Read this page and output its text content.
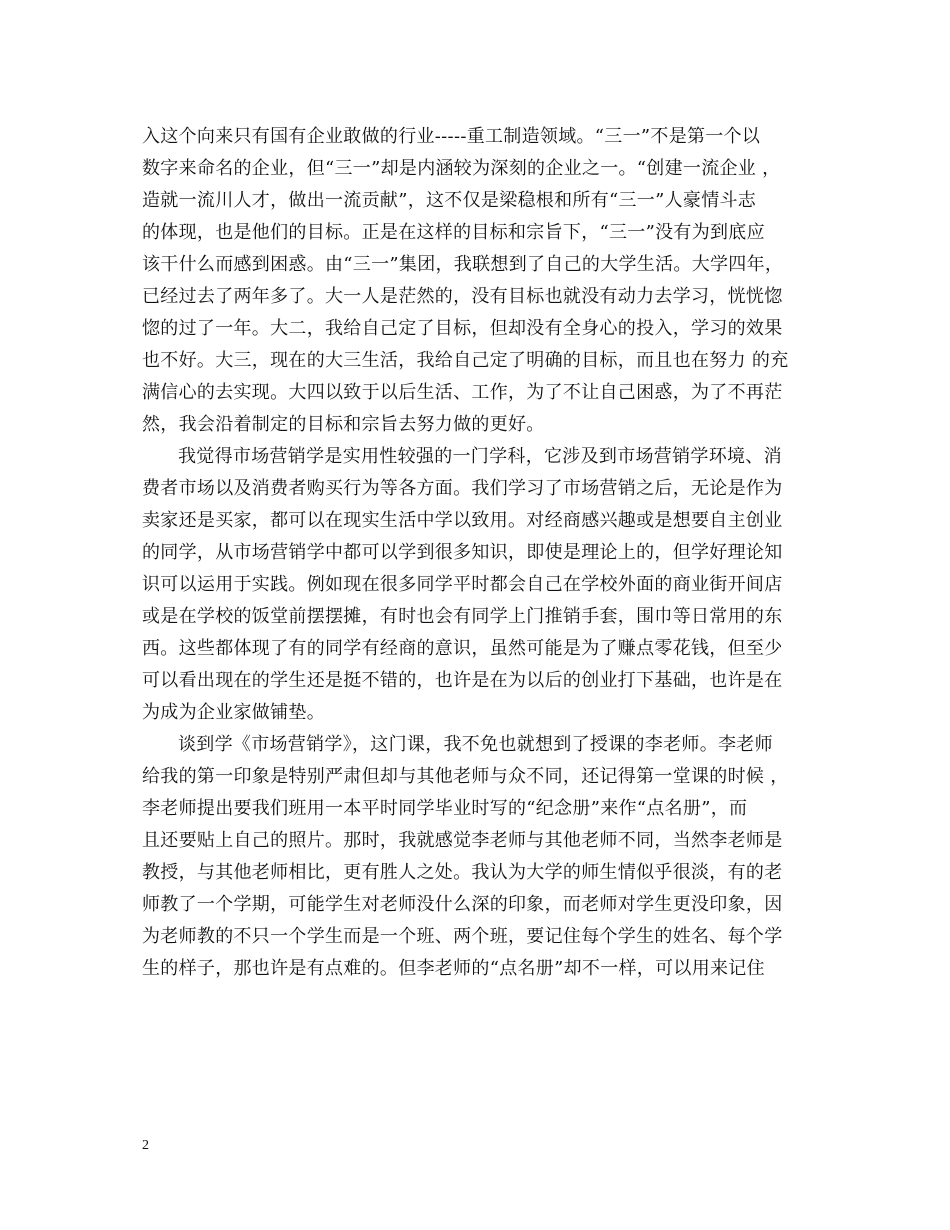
入这个向来只有国有企业敢做的行业-----重工制造领域。“三一”不是第一个以
数字来命名的企业，但“三一”却是内涵较为深刻的企业之一。“创建一流企业 ，
造就一流川人才，做出一流贡献”，这不仅是梁稳根和所有“三一”人豪情斗志
的体现，也是他们的目标。正是在这样的目标和宗旨下，“三一”没有为到底应
该干什么而感到困惑。由“三一”集团，我联想到了自己的大学生活。大学四年，
已经过去了两年多了。大一人是茫然的，没有目标也就没有动力去学习，恍恍惚
惚的过了一年。大二，我给自己定了目标，但却没有全身心的投入，学习的效果
也不好。大三，现在的大三生活，我给自己定了明确的目标，而且也在努力 的充
满信心的去实现。大四以致于以后生活、工作，为了不让自己困惑，为了不再茫
然，我会沿着制定的目标和宗旨去努力做的更好。
我觉得市场营销学是实用性较强的一门学科，它涉及到市场营销学环境、消
费者市场以及消费者购买行为等各方面。我们学习了市场营销之后，无论是作为
卖家还是买家，都可以在现实生活中学以致用。对经商感兴趣或是想要自主创业
的同学，从市场营销学中都可以学到很多知识，即使是理论上的，但学好理论知
识可以运用于实践。例如现在很多同学平时都会自己在学校外面的商业街开间店
或是在学校的饭堂前摆摆摊，有时也会有同学上门推销手套，围巾等日常用的东
西。这些都体现了有的同学有经商的意识，虽然可能是为了赚点零花钱，但至少
可以看出现在的学生还是挺不错的，也许是在为以后的创业打下基础，也许是在
为成为企业家做铺垫。
谈到学《市场营销学》，这门课，我不免也就想到了授课的李老师。李老师
给我的第一印象是特别严肃但却与其他老师与众不同，还记得第一堂课的时候 ，
李老师提出要我们班用一本平时同学毕业时写的“纪念册”来作“点名册”，而
且还要贴上自己的照片。那时，我就感觉李老师与其他老师不同，当然李老师是
教授，与其他老师相比，更有胜人之处。我认为大学的师生情似乎很淡，有的老
师教了一个学期，可能学生对老师没什么深的印象，而老师对学生更没印象，因
为老师教的不只一个学生而是一个班、两个班，要记住每个学生的姓名、每个学
生的样子，那也许是有点难的。但李老师的“点名册”却不一样，可以用来记住
2
